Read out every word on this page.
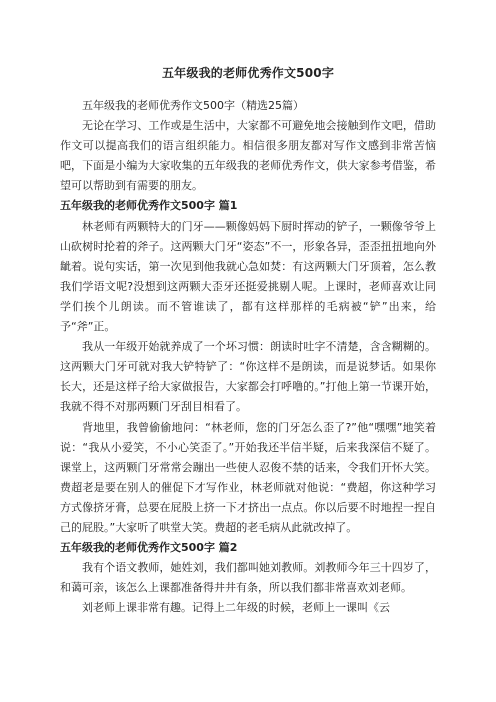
五年级我的老师优秀作文500字

五年级我的老师优秀作文500字（精选25篇）

无论在学习、工作或是生活中，大家都不可避免地会接触到作文吧，借助作文可以提高我们的语言组织能力。相信很多朋友都对写作文感到非常苦恼吧，下面是小编为大家收集的五年级我的老师优秀作文，供大家参考借鉴，希望可以帮助到有需要的朋友。

五年级我的老师优秀作文500字 篇1

林老师有两颗特大的门牙——颗像妈妈下厨时挥动的铲子，一颗像爷爷上山砍树时抡着的斧子。这两颗大门牙“姿态”不一，形象各异，歪歪扭扭地向外龇着。说句实话，第一次见到他我就心急如焚：有这两颗大门牙顶着，怎么教我们学语文呢?没想到这两颗大歪牙还挺爱挑剔人呢。上课时，老师喜欢让同学们挨个儿朗读。而不管谁读了，都有这样那样的毛病被“铲”出来，给予“斧”正。

我从一年级开始就养成了一个坏习惯：朗读时吐字不清楚，含含糊糊的。这两颗大门牙可就对我大铲特铲了：“你这样不是朗读，而是说梦话。如果你长大，还是这样子给大家做报告，大家都会打呼噜的。”打他上第一节课开始，我就不得不对那两颗门牙刮目相看了。

背地里，我曾偷偷地问：“林老师，您的门牙怎么歪了?”他“嘿嘿”地笑着说：“我从小爱笑，不小心笑歪了。”开始我还半信半疑，后来我深信不疑了。课堂上，这两颗门牙常常会蹦出一些使人忍俊不禁的话来，令我们开怀大笑。费超老是要在别人的催促下才写作业，林老师就对他说：“费超，你这种学习方式像挤牙膏，总要在屁股上挤一下才挤出一点点。你以后要不时地捏一捏自己的屁股。”大家听了哄堂大笑。费超的老毛病从此就改掉了。

五年级我的老师优秀作文500字 篇2

我有个语文教师，她姓刘，我们都叫她刘教师。刘教师今年三十四岁了，和蔼可亲，该怎么上课都准备得井井有条，所以我们都非常喜欢刘老师。

刘老师上课非常有趣。记得上二年级的时候，老师上一课叫《云
